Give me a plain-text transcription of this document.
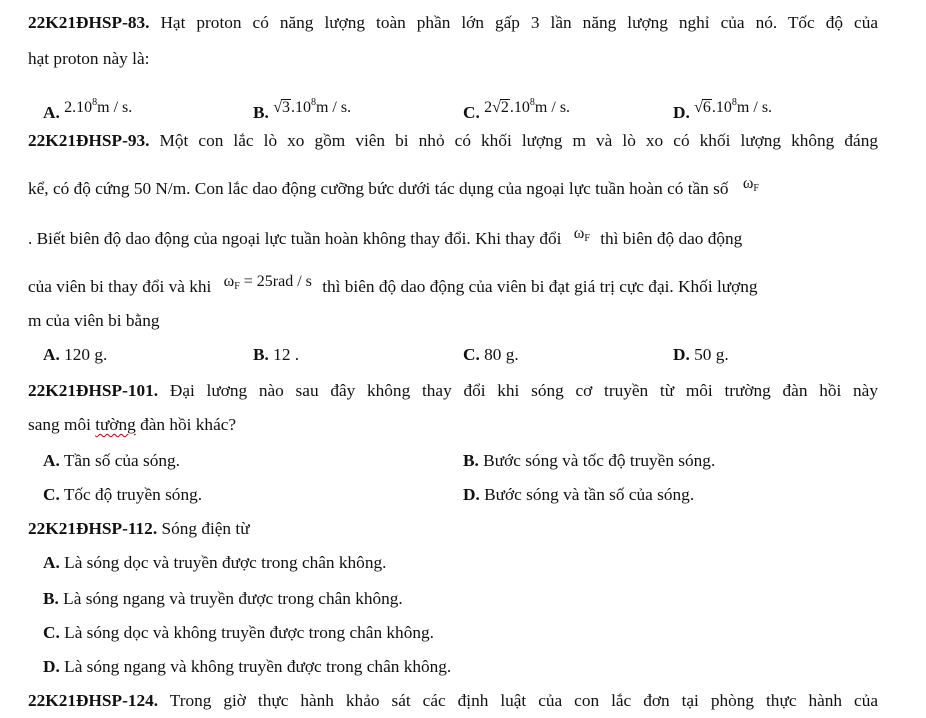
22K21ĐHSP-83. Hạt proton có năng lượng toàn phần lớn gấp 3 lần năng lượng nghỉ của nó. Tốc độ của
hạt proton này là:
A. 2.10$^8$m / s.	B. √3.10$^8$m / s.	C. 2√2.10$^8$m / s.	D. √6.10$^8$m / s.
22K21ĐHSP-93. Một con lắc lò xo gồm viên bi nhỏ có khối lượng m và lò xo có khối lượng không đáng
kể, có độ cứng 50 N/m. Con lắc dao động cưỡng bức dưới tác dụng của ngoại lực tuần hoàn có tần số $\omega_F$
. Biết biên độ dao động của ngoại lực tuần hoàn không thay đổi. Khi thay đổi $\omega_F$ thì biên độ dao động
của viên bi thay đổi và khi $\omega_F = 25rad / s$ thì biên độ dao động của viên bi đạt giá trị cực đại. Khối lượng
m của viên bi bằng
A. 120 g.	B. 12 .	C. 80 g.	D. 50 g.
22K21ĐHSP-101. Đại lương nào sau đây không thay đổi khi sóng cơ truyền từ môi trường đàn hồi này
sang môi tường đàn hồi khác?
A. Tần số của sóng.	B. Bước sóng và tốc độ truyền sóng.
C. Tốc độ truyền sóng.	D. Bước sóng và tần số của sóng.
22K21ĐHSP-112. Sóng điện từ
A. Là sóng dọc và truyền được trong chân không.
B. Là sóng ngang và truyền được trong chân không.
C. Là sóng dọc và không truyền được trong chân không.
D. Là sóng ngang và không truyền được trong chân không.
22K21ĐHSP-124. Trong giờ thực hành khảo sát các định luật của con lắc đơn tại phòng thực hành của
